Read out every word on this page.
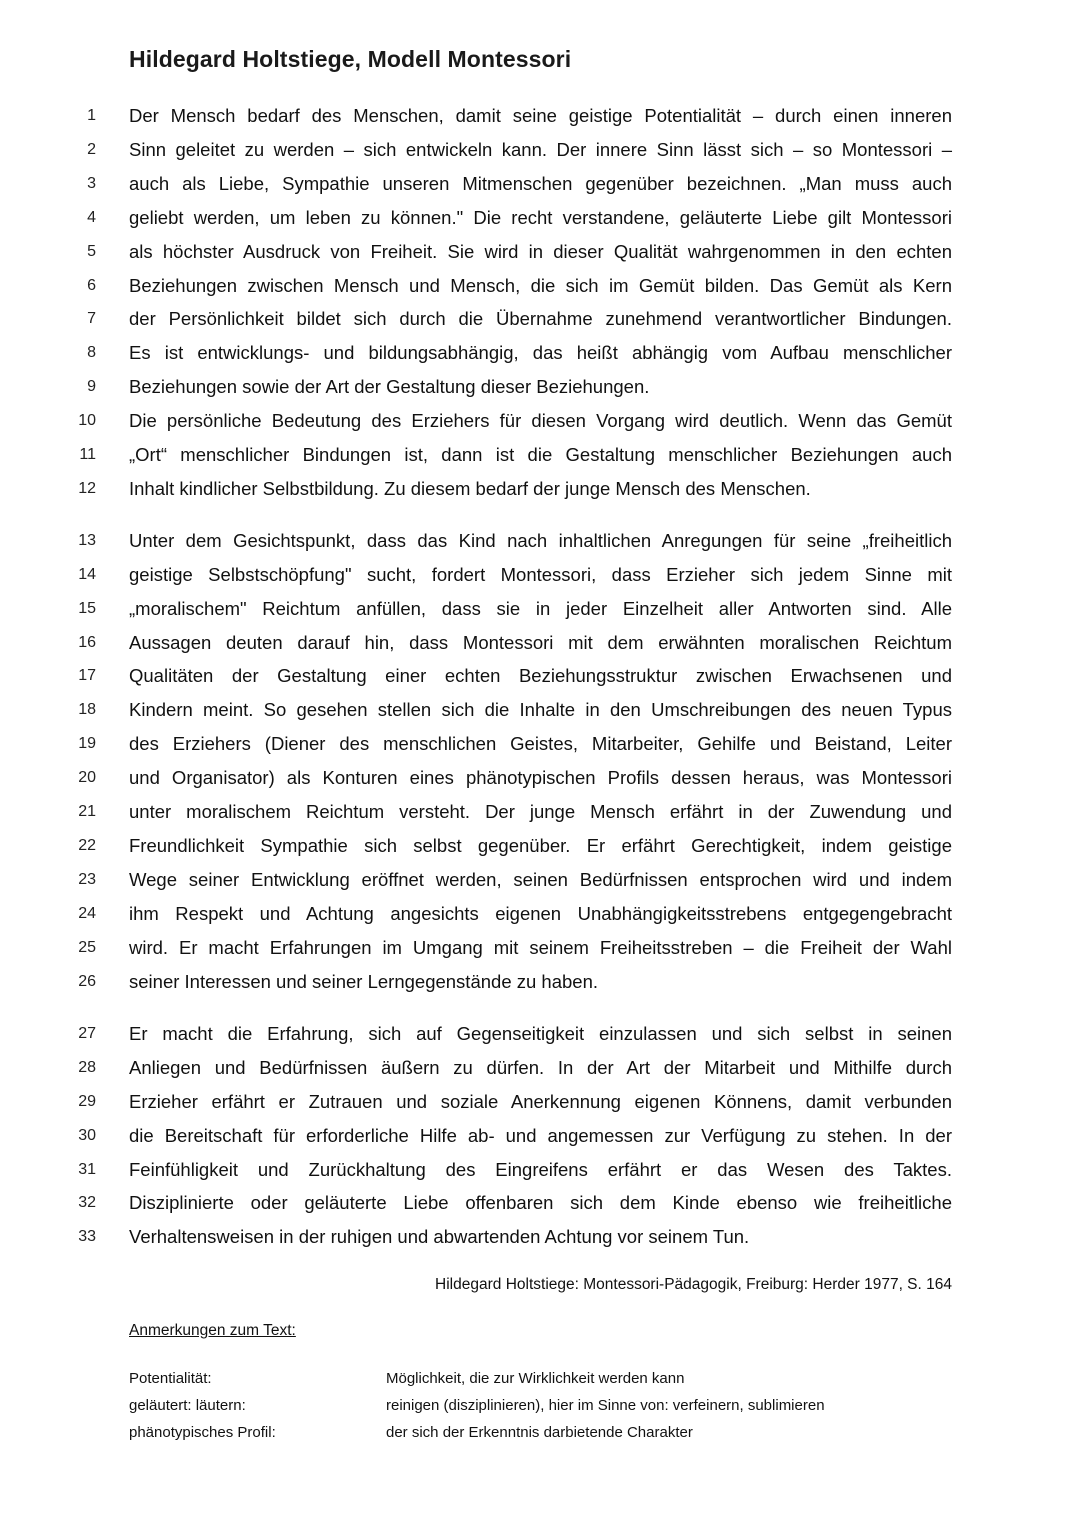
Hildegard Holtstiege, Modell Montessori
1 Der Mensch bedarf des Menschen, damit seine geistige Potentialität – durch einen inneren
2 Sinn geleitet zu werden – sich entwickeln kann. Der innere Sinn lässt sich – so Montessori –
3 auch als Liebe, Sympathie unseren Mitmenschen gegenüber bezeichnen. „Man muss auch
4 geliebt werden, um leben zu können." Die recht verstandene, geläuterte Liebe gilt Montessori
5 als höchster Ausdruck von Freiheit. Sie wird in dieser Qualität wahrgenommen in den echten
6 Beziehungen zwischen Mensch und Mensch, die sich im Gemüt bilden. Das Gemüt als Kern
7 der Persönlichkeit bildet sich durch die Übernahme zunehmend verantwortlicher Bindungen.
8 Es ist entwicklungs- und bildungsabhängig, das heißt abhängig vom Aufbau menschlicher
9 Beziehungen sowie der Art der Gestaltung dieser Beziehungen.
10 Die persönliche Bedeutung des Erziehers für diesen Vorgang wird deutlich. Wenn das Gemüt
11 „Ort“ menschlicher Bindungen ist, dann ist die Gestaltung menschlicher Beziehungen auch
12 Inhalt kindlicher Selbstbildung. Zu diesem bedarf der junge Mensch des Menschen.
13 Unter dem Gesichtspunkt, dass das Kind nach inhaltlichen Anregungen für seine „freiheitlich
14 geistige Selbstschöpfung" sucht, fordert Montessori, dass Erzieher sich jedem Sinne mit
15 „moralischem" Reichtum anfüllen, dass sie in jeder Einzelheit aller Antworten sind. Alle
16 Aussagen deuten darauf hin, dass Montessori mit dem erwähnten moralischen Reichtum
17 Qualitäten der Gestaltung einer echten Beziehungsstruktur zwischen Erwachsenen und
18 Kindern meint. So gesehen stellen sich die Inhalte in den Umschreibungen des neuen Typus
19 des Erziehers (Diener des menschlichen Geistes, Mitarbeiter, Gehilfe und Beistand, Leiter
20 und Organisator) als Konturen eines phänotypischen Profils dessen heraus, was Montessori
21 unter moralischem Reichtum versteht. Der junge Mensch erfährt in der Zuwendung und
22 Freundlichkeit Sympathie sich selbst gegenüber. Er erfährt Gerechtigkeit, indem geistige
23 Wege seiner Entwicklung eröffnet werden, seinen Bedürfnissen entsprochen wird und indem
24 ihm Respekt und Achtung angesichts eigenen Unabhängigkeitsstrebens entgegengebracht
25 wird. Er macht Erfahrungen im Umgang mit seinem Freiheitsstreben – die Freiheit der Wahl
26 seiner Interessen und seiner Lerngegenstände zu haben.
27 Er macht die Erfahrung, sich auf Gegenseitigkeit einzulassen und sich selbst in seinen
28 Anliegen und Bedürfnissen äußern zu dürfen. In der Art der Mitarbeit und Mithilfe durch
29 Erzieher erfährt er Zutrauen und soziale Anerkennung eigenen Könnens, damit verbunden
30 die Bereitschaft für erforderliche Hilfe ab- und angemessen zur Verfügung zu stehen. In der
31 Feinfühligkeit und Zurückhaltung des Eingreifens erfährt er das Wesen des Taktes.
32 Disziplinierte oder geläuterte Liebe offenbaren sich dem Kinde ebenso wie freiheitliche
33 Verhaltensweisen in der ruhigen und abwartenden Achtung vor seinem Tun.
Hildegard Holtstiege: Montessori-Pädagogik, Freiburg: Herder 1977, S. 164
Anmerkungen zum Text:
Potentialität:	Möglichkeit, die zur Wirklichkeit werden kann
geläutert: läutern:	reinigen (disziplinieren), hier im Sinne von: verfeinern, sublimieren
phänotypisches Profil:	der sich der Erkenntnis darbietende Charakter
